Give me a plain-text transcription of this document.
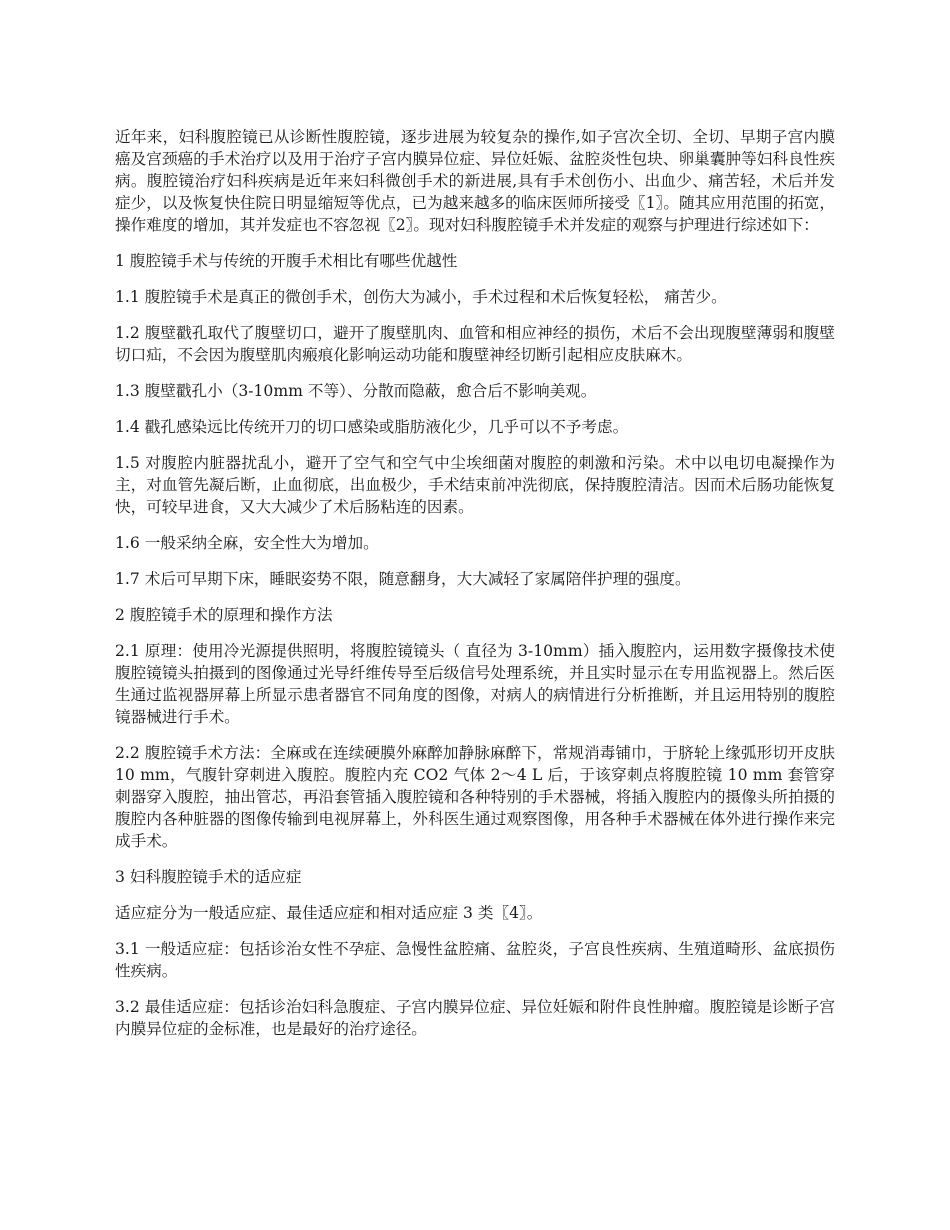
近年来，妇科腹腔镜已从诊断性腹腔镜，逐步进展为较复杂的操作,如子宫次全切、全切、早期子宫内膜癌及宫颈癌的手术治疗以及用于治疗子宫内膜异位症、异位妊娠、盆腔炎性包块、卵巢囊肿等妇科良性疾病。腹腔镜治疗妇科疾病是近年来妇科微创手术的新进展,具有手术创伤小、出血少、痛苦轻，术后并发症少，以及恢复快住院日明显缩短等优点，已为越来越多的临床医师所接受〖1〗。随其应用范围的拓宽，操作难度的增加，其并发症也不容忽视〖2〗。现对妇科腹腔镜手术并发症的观察与护理进行综述如下：

1 腹腔镜手术与传统的开腹手术相比有哪些优越性

1.1 腹腔镜手术是真正的微创手术，创伤大为减小，手术过程和术后恢复轻松， 痛苦少。

1.2 腹壁戳孔取代了腹壁切口，避开了腹壁肌肉、血管和相应神经的损伤，术后不会出现腹壁薄弱和腹壁切口疝，不会因为腹壁肌肉瘢痕化影响运动功能和腹壁神经切断引起相应皮肤麻木。

1.3 腹壁戳孔小（3-10mm 不等）、分散而隐蔽，愈合后不影响美观。

1.4 戳孔感染远比传统开刀的切口感染或脂肪液化少，几乎可以不予考虑。

1.5 对腹腔内脏器扰乱小，避开了空气和空气中尘埃细菌对腹腔的刺激和污染。术中以电切电凝操作为主，对血管先凝后断，止血彻底，出血极少，手术结束前冲洗彻底，保持腹腔清洁。因而术后肠功能恢复快，可较早进食，又大大减少了术后肠粘连的因素。

1.6 一般采纳全麻，安全性大为增加。

1.7 术后可早期下床，睡眠姿势不限，随意翻身，大大减轻了家属陪伴护理的强度。

2 腹腔镜手术的原理和操作方法

2.1 原理：使用冷光源提供照明，将腹腔镜镜头（ 直径为 3-10mm）插入腹腔内，运用数字摄像技术使腹腔镜镜头拍摄到的图像通过光导纤维传导至后级信号处理系统，并且实时显示在专用监视器上。然后医生通过监视器屏幕上所显示患者器官不同角度的图像，对病人的病情进行分析推断，并且运用特别的腹腔镜器械进行手术。

2.2 腹腔镜手术方法：全麻或在连续硬膜外麻醉加静脉麻醉下，常规消毒铺巾，于脐轮上缘弧形切开皮肤 10 mm，气腹针穿刺进入腹腔。腹腔内充 CO2 气体 2～4 L 后，于该穿刺点将腹腔镜 10 mm 套管穿刺器穿入腹腔，抽出管芯，再沿套管插入腹腔镜和各种特别的手术器械，将插入腹腔内的摄像头所拍摄的腹腔内各种脏器的图像传输到电视屏幕上，外科医生通过观察图像，用各种手术器械在体外进行操作来完成手术。

3 妇科腹腔镜手术的适应症

适应症分为一般适应症、最佳适应症和相对适应症 3 类〖4〗。

3.1 一般适应症：包括诊治女性不孕症、急慢性盆腔痛、盆腔炎，子宫良性疾病、生殖道畸形、盆底损伤性疾病。

3.2 最佳适应症：包括诊治妇科急腹症、子宫内膜异位症、异位妊娠和附件良性肿瘤。腹腔镜是诊断子宫内膜异位症的金标准，也是最好的治疗途径。
